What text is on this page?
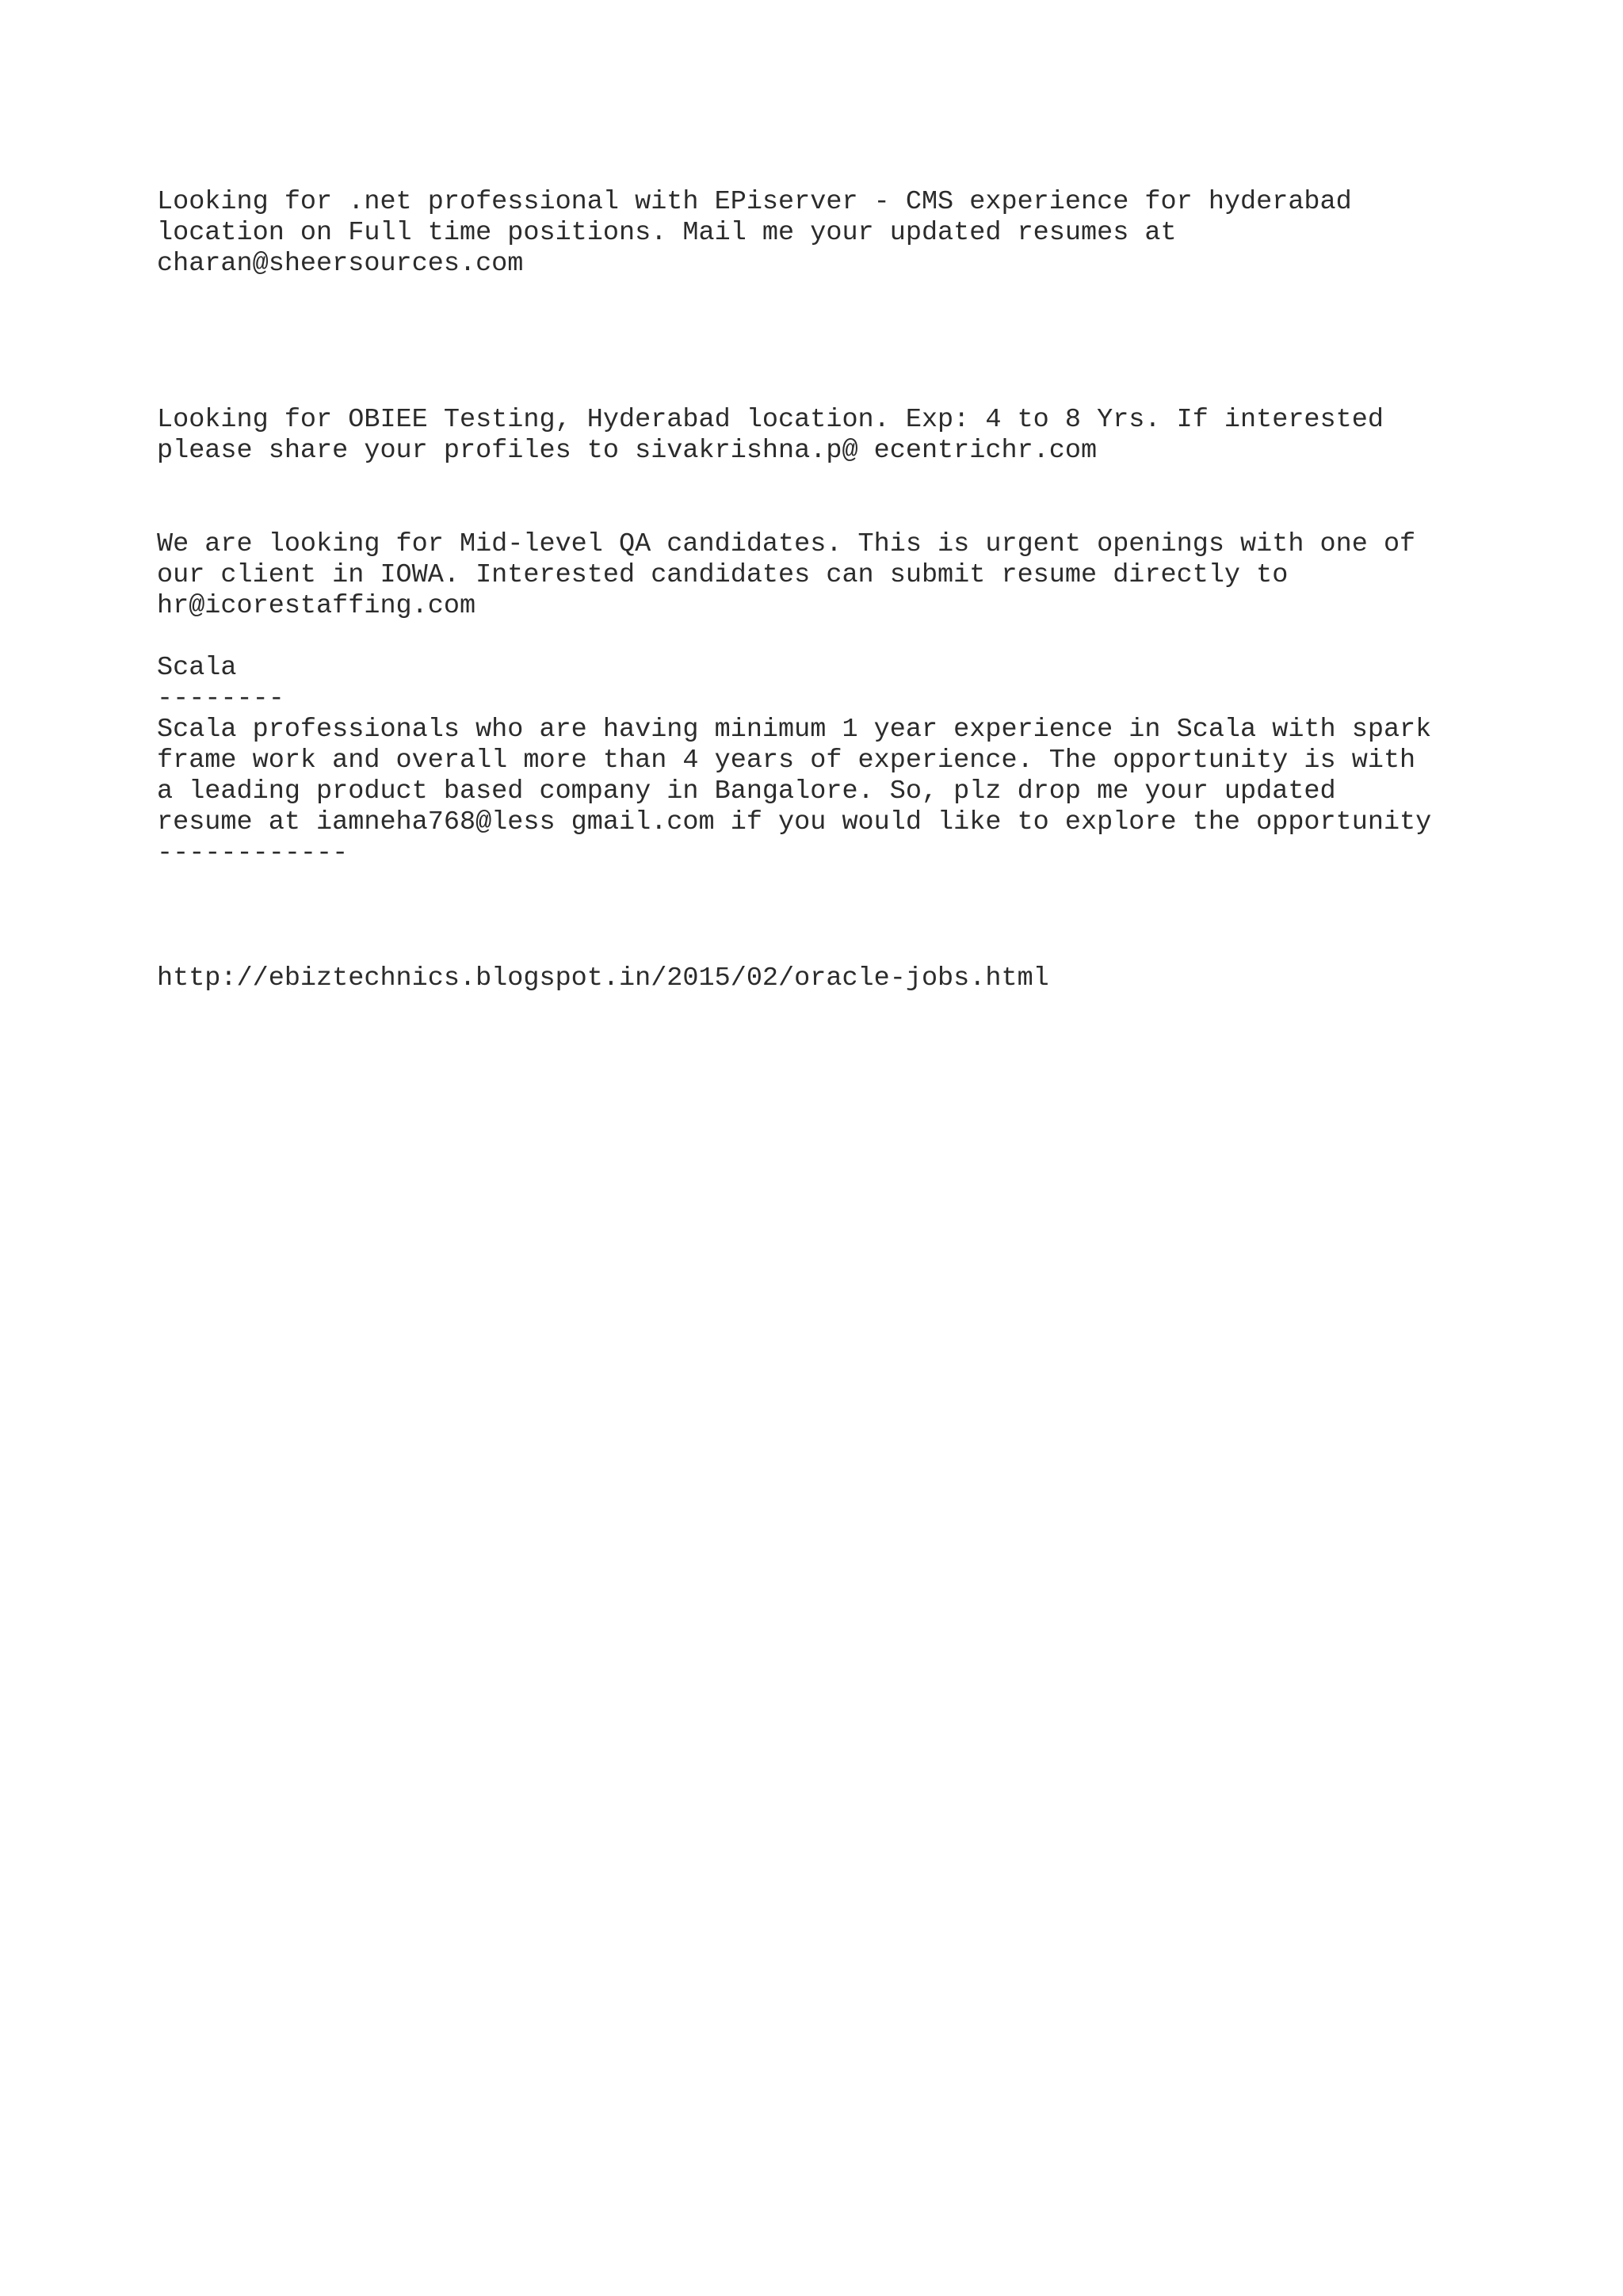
Looking for .net professional with EPiserver - CMS experience for hyderabad

location on Full time positions. Mail me your updated resumes at

charan@sheersources.com

Looking for OBIEE Testing, Hyderabad location. Exp: 4 to 8 Yrs. If interested

please share your profiles to sivakrishna.p@ ecentrichr.com

We are looking for Mid-level QA candidates. This is urgent openings with one of

our client in IOWA. Interested candidates can submit resume directly to

hr@icorestaffing.com

Scala

--------

Scala professionals who are having minimum 1 year experience in Scala with spark

frame work and overall more than 4 years of experience. The opportunity is with

a leading product based company in Bangalore. So, plz drop me your updated

resume at iamneha768@less gmail.com if you would like to explore the opportunity

------------

http://ebiztechnics.blogspot.in/2015/02/oracle-jobs.html
